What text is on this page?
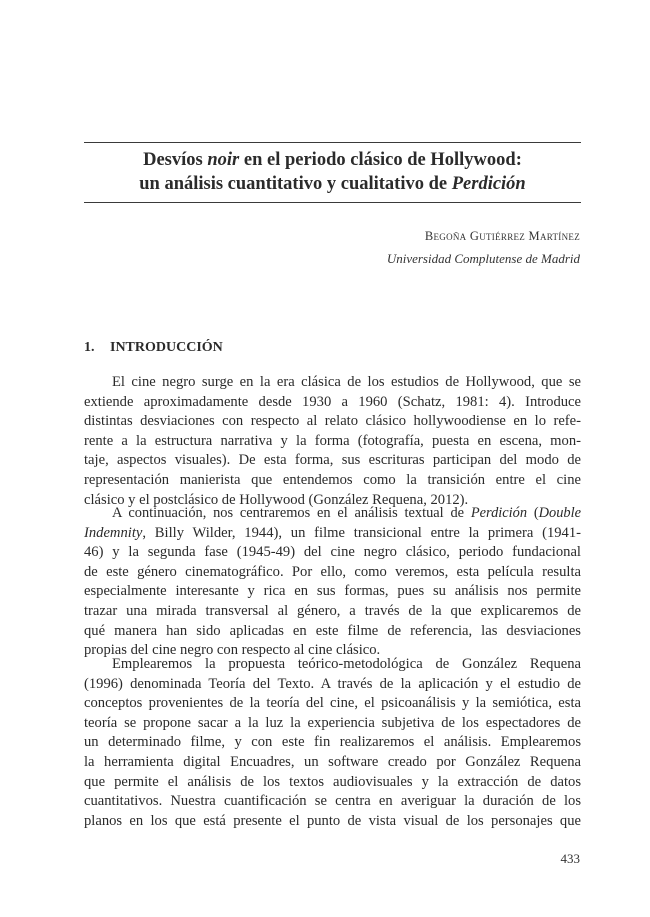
Desvíos noir en el periodo clásico de Hollywood:
un análisis cuantitativo y cualitativo de Perdición
Begoña Gutiérrez Martínez
Universidad Complutense de Madrid
1. INTRODUCCIÓN

El cine negro surge en la era clásica de los estudios de Hollywood, que se
extiende aproximadamente desde 1930 a 1960 (Schatz, 1981: 4). Introduce
distintas desviaciones con respecto al relato clásico hollywoodiense en lo refe-
rente a la estructura narrativa y la forma (fotografía, puesta en escena, mon-
taje, aspectos visuales). De esta forma, sus escrituras participan del modo de
representación manierista que entendemos como la transición entre el cine
clásico y el postclásico de Hollywood (González Requena, 2012).

A continuación, nos centraremos en el análisis textual de Perdición (Double
Indemnity, Billy Wilder, 1944), un filme transicional entre la primera (1941-
46) y la segunda fase (1945-49) del cine negro clásico, periodo fundacional
de este género cinematográfico. Por ello, como veremos, esta película resulta
especialmente interesante y rica en sus formas, pues su análisis nos permite
trazar una mirada transversal al género, a través de la que explicaremos de
qué manera han sido aplicadas en este filme de referencia, las desviaciones
propias del cine negro con respecto al cine clásico.

Emplearemos la propuesta teórico-metodológica de González Requena
(1996) denominada Teoría del Texto. A través de la aplicación y el estudio de
conceptos provenientes de la teoría del cine, el psicoanálisis y la semiótica, esta
teoría se propone sacar a la luz la experiencia subjetiva de los espectadores de
un determinado filme, y con este fin realizaremos el análisis. Emplearemos
la herramienta digital Encuadres, un software creado por González Requena
que permite el análisis de los textos audiovisuales y la extracción de datos
cuantitativos. Nuestra cuantificación se centra en averiguar la duración de los
planos en los que está presente el punto de vista visual de los personajes que

433
